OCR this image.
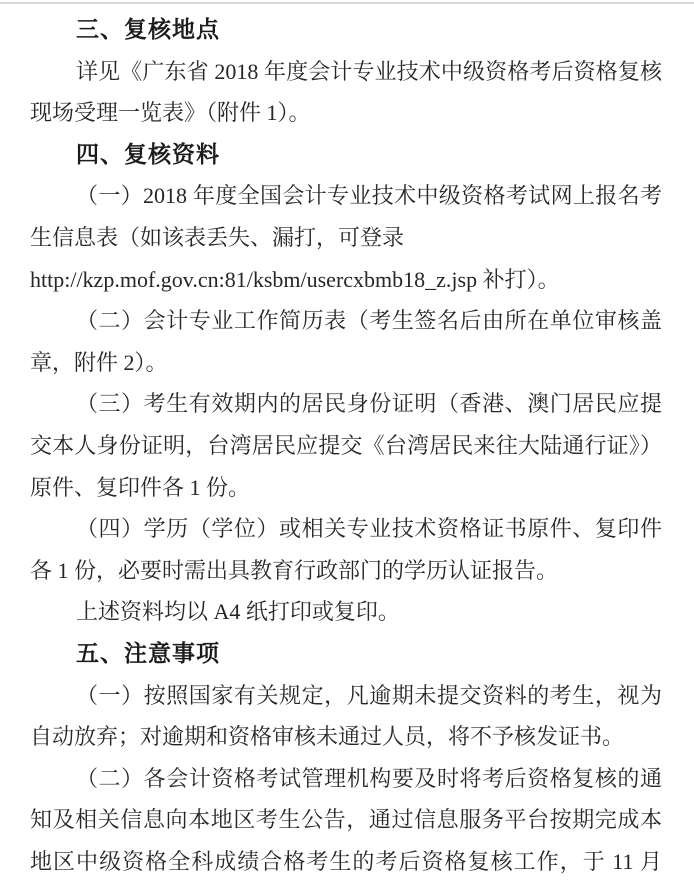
三、复核地点
详见《广东省 2018 年度会计专业技术中级资格考后资格复核
现场受理一览表》（附件 1）。
四、复核资料
（一）2018 年度全国会计专业技术中级资格考试网上报名考
生信息表（如该表丢失、漏打，可登录
http://kzp.mof.gov.cn:81/ksbm/usercxbmb18_z.jsp 补打）。
（二）会计专业工作简历表（考生签名后由所在单位审核盖
章，附件 2）。
（三）考生有效期内的居民身份证明（香港、澳门居民应提
交本人身份证明，台湾居民应提交《台湾居民来往大陆通行证》）
原件、复印件各 1 份。
（四）学历（学位）或相关专业技术资格证书原件、复印件
各 1 份，必要时需出具教育行政部门的学历认证报告。
上述资料均以 A4 纸打印或复印。
五、注意事项
（一）按照国家有关规定，凡逾期未提交资料的考生，视为
自动放弃；对逾期和资格审核未通过人员，将不予核发证书。
（二）各会计资格考试管理机构要及时将考后资格复核的通
知及相关信息向本地区考生公告，通过信息服务平台按期完成本
地区中级资格全科成绩合格考生的考后资格复核工作，于 11 月
